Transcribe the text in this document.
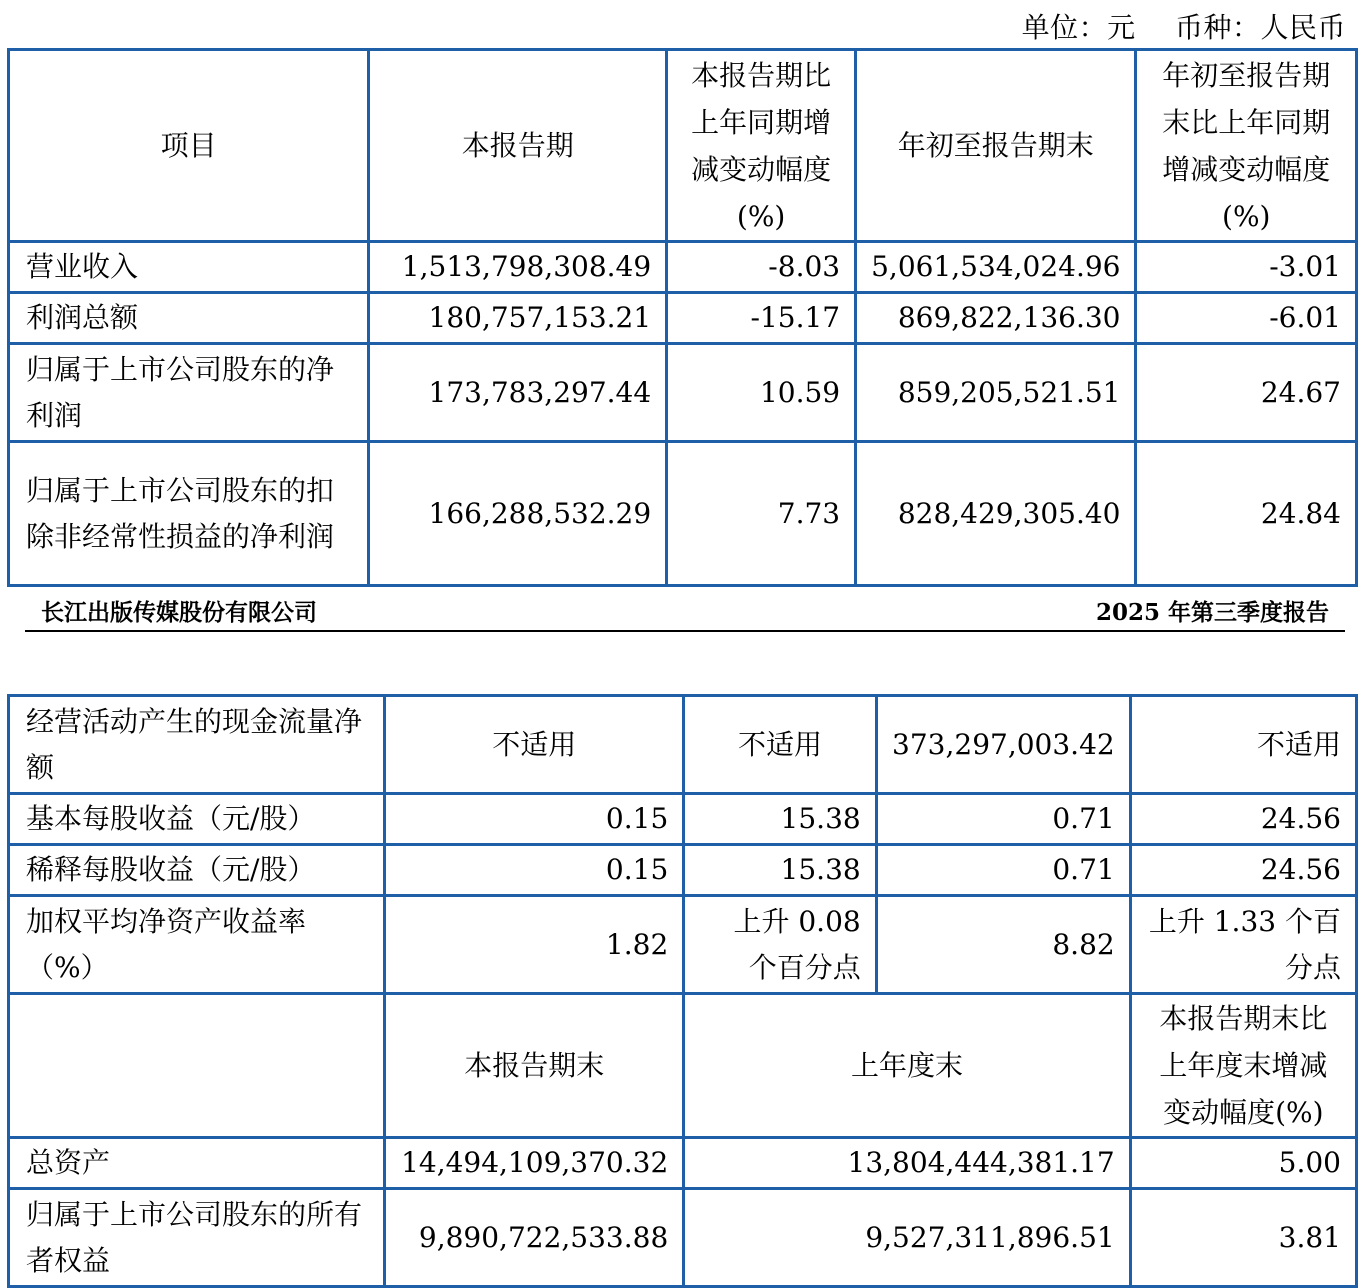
单位：元 币种：人民币
项目	本报告期	本报告期比上年同期增减变动幅度(%)	年初至报告期末	年初至报告期末比上年同期增减变动幅度(%)
营业收入	1,513,798,308.49	-8.03	5,061,534,024.96	-3.01
利润总额	180,757,153.21	-15.17	869,822,136.30	-6.01
归属于上市公司股东的净利润	173,783,297.44	10.59	859,205,521.51	24.67
归属于上市公司股东的扣除非经常性损益的净利润	166,288,532.29	7.73	828,429,305.40	24.84
长江出版传媒股份有限公司	2025 年第三季度报告
经营活动产生的现金流量净额	不适用	不适用	373,297,003.42	不适用
基本每股收益（元/股）	0.15	15.38	0.71	24.56
稀释每股收益（元/股）	0.15	15.38	0.71	24.56
加权平均净资产收益率（%）	1.82	上升 0.08 个百分点	8.82	上升 1.33 个百分点
	本报告期末	上年度末		本报告期末比上年度末增减变动幅度(%)
总资产	14,494,109,370.32	13,804,444,381.17		5.00
归属于上市公司股东的所有者权益	9,890,722,533.88	9,527,311,896.51		3.81
